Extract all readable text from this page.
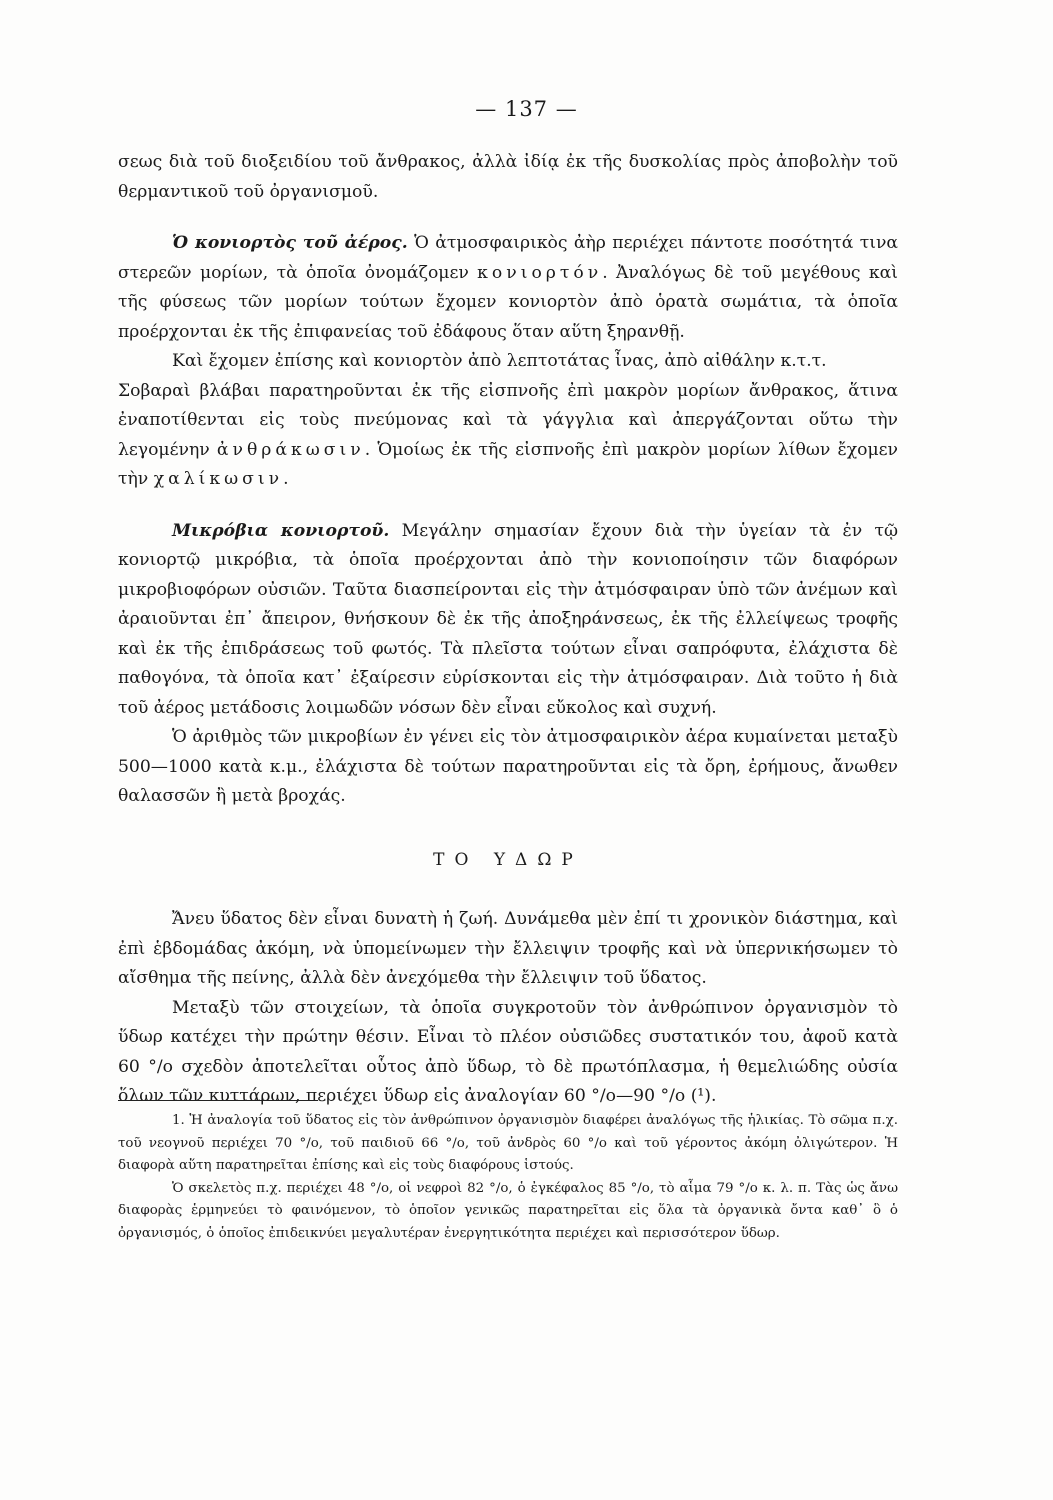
— 137 —

σεως διὰ τοῦ διοξειδίου τοῦ ἄνθρακος, ἀλλὰ ἰδίᾳ ἐκ τῆς δυσκολίας πρὸς ἀποβολὴν τοῦ θερμαντικοῦ τοῦ ὀργανισμοῦ.

Ὁ κονιορτὸς τοῦ ἀέρος. Ὁ ἀτμοσφαιρικὸς ἀὴρ περιέχει πάντοτε ποσότητά τινα στερεῶν μορίων, τὰ ὁποῖα ὀνομάζομεν κονιορτόν. Ἀναλόγως δὲ τοῦ μεγέθους καὶ τῆς φύσεως τῶν μορίων τούτων ἔχομεν κονιορτὸν ἀπὸ ὁρατὰ σωμάτια, τὰ ὁποῖα προέρχονται ἐκ τῆς ἐπιφανείας τοῦ ἐδάφους ὅταν αὕτη ξηρανθῇ.

Καὶ ἔχομεν ἐπίσης καὶ κονιορτὸν ἀπὸ λεπτοτάτας ἶνας, ἀπὸ αἰθάλην κ.τ.τ.

Σοβαραὶ βλάβαι παρατηροῦνται ἐκ τῆς εἰσπνοῆς ἐπὶ μακρὸν μορίων ἄνθρακος, ἅτινα ἐναποτίθενται εἰς τοὺς πνεύμονας καὶ τὰ γάγγλια καὶ ἀπεργάζονται οὕτω τὴν λεγομένην ἀνθράκωσιν. Ὁμοίως ἐκ τῆς εἰσπνοῆς ἐπὶ μακρὸν μορίων λίθων ἔχομεν τὴν χαλίκωσιν.

Μικρόβια κονιορτοῦ. Μεγάλην σημασίαν ἔχουν διὰ τὴν ὑγείαν τὰ ἐν τῷ κονιορτῷ μικρόβια, τὰ ὁποῖα προέρχονται ἀπὸ τὴν κονιοποίησιν τῶν διαφόρων μικροβιοφόρων οὐσιῶν. Ταῦτα διασπείρονται εἰς τὴν ἀτμόσφαιραν ὑπὸ τῶν ἀνέμων καὶ ἀραιοῦνται ἐπ᾽ ἄπειρον, θνήσκουν δὲ ἐκ τῆς ἀποξηράνσεως, ἐκ τῆς ἐλλείψεως τροφῆς καὶ ἐκ τῆς ἐπιδράσεως τοῦ φωτός. Τὰ πλεῖστα τούτων εἶναι σαπρόφυτα, ἐλάχιστα δὲ παθογόνα, τὰ ὁποῖα κατ᾽ ἐξαίρεσιν εὑρίσκονται εἰς τὴν ἀτμόσφαιραν. Διὰ τοῦτο ἡ διὰ τοῦ ἀέρος μετάδοσις λοιμωδῶν νόσων δὲν εἶναι εὔκολος καὶ συχνή.

Ὁ ἀριθμὸς τῶν μικροβίων ἐν γένει εἰς τὸν ἀτμοσφαιρικὸν ἀέρα κυμαίνεται μεταξὺ 500—1000 κατὰ κ.μ., ἐλάχιστα δὲ τούτων παρατηροῦνται εἰς τὰ ὄρη, ἐρήμους, ἄνωθεν θαλασσῶν ἢ μετὰ βροχάς.

ΤΟ ΥΔΩΡ

Ἄνευ ὕδατος δὲν εἶναι δυνατὴ ἡ ζωή. Δυνάμεθα μὲν ἐπί τι χρονικὸν διάστημα, καὶ ἐπὶ ἑβδομάδας ἀκόμη, νὰ ὑπομείνωμεν τὴν ἔλλειψιν τροφῆς καὶ νὰ ὑπερνικήσωμεν τὸ αἴσθημα τῆς πείνης, ἀλλὰ δὲν ἀνεχόμεθα τὴν ἔλλειψιν τοῦ ὕδατος.

Μεταξὺ τῶν στοιχείων, τὰ ὁποῖα συγκροτοῦν τὸν ἀνθρώπινον ὀργανισμὸν τὸ ὕδωρ κατέχει τὴν πρώτην θέσιν. Εἶναι τὸ πλέον οὐσιῶδες συστατικόν του, ἀφοῦ κατὰ 60 °/ο σχεδὸν ἀποτελεῖται οὗτος ἀπὸ ὕδωρ, τὸ δὲ πρωτόπλασμα, ἡ θεμελιώδης οὐσία ὅλων τῶν κυττάρων, περιέχει ὕδωρ εἰς ἀναλογίαν 60 °/ο—90 °/ο (¹).

1. Ἡ ἀναλογία τοῦ ὕδατος εἰς τὸν ἀνθρώπινον ὀργανισμὸν διαφέρει ἀναλόγως τῆς ἡλικίας. Τὸ σῶμα π.χ. τοῦ νεογνοῦ περιέχει 70 °/ο, τοῦ παιδιοῦ 66 °/ο, τοῦ ἀνδρὸς 60 °/ο καὶ τοῦ γέροντος ἀκόμη ὀλιγώτερον. Ἡ διαφορὰ αὕτη παρατηρεῖται ἐπίσης καὶ εἰς τοὺς διαφόρους ἱστούς.

Ὁ σκελετὸς π.χ. περιέχει 48 °/ο, οἱ νεφροὶ 82 °/ο, ὁ ἐγκέφαλος 85 °/ο, τὸ αἷμα 79 °/ο κ. λ. π. Τὰς ὡς ἄνω διαφορὰς ἑρμηνεύει τὸ φαινόμενον, τὸ ὁποῖον γενικῶς παρατηρεῖται εἰς ὅλα τὰ ὀργανικὰ ὄντα καθ᾽ ὃ ὁ ὀργανισμός, ὁ ὁποῖος ἐπιδεικνύει μεγαλυτέραν ἐνεργητικότητα περιέχει καὶ περισσότερον ὕδωρ.
